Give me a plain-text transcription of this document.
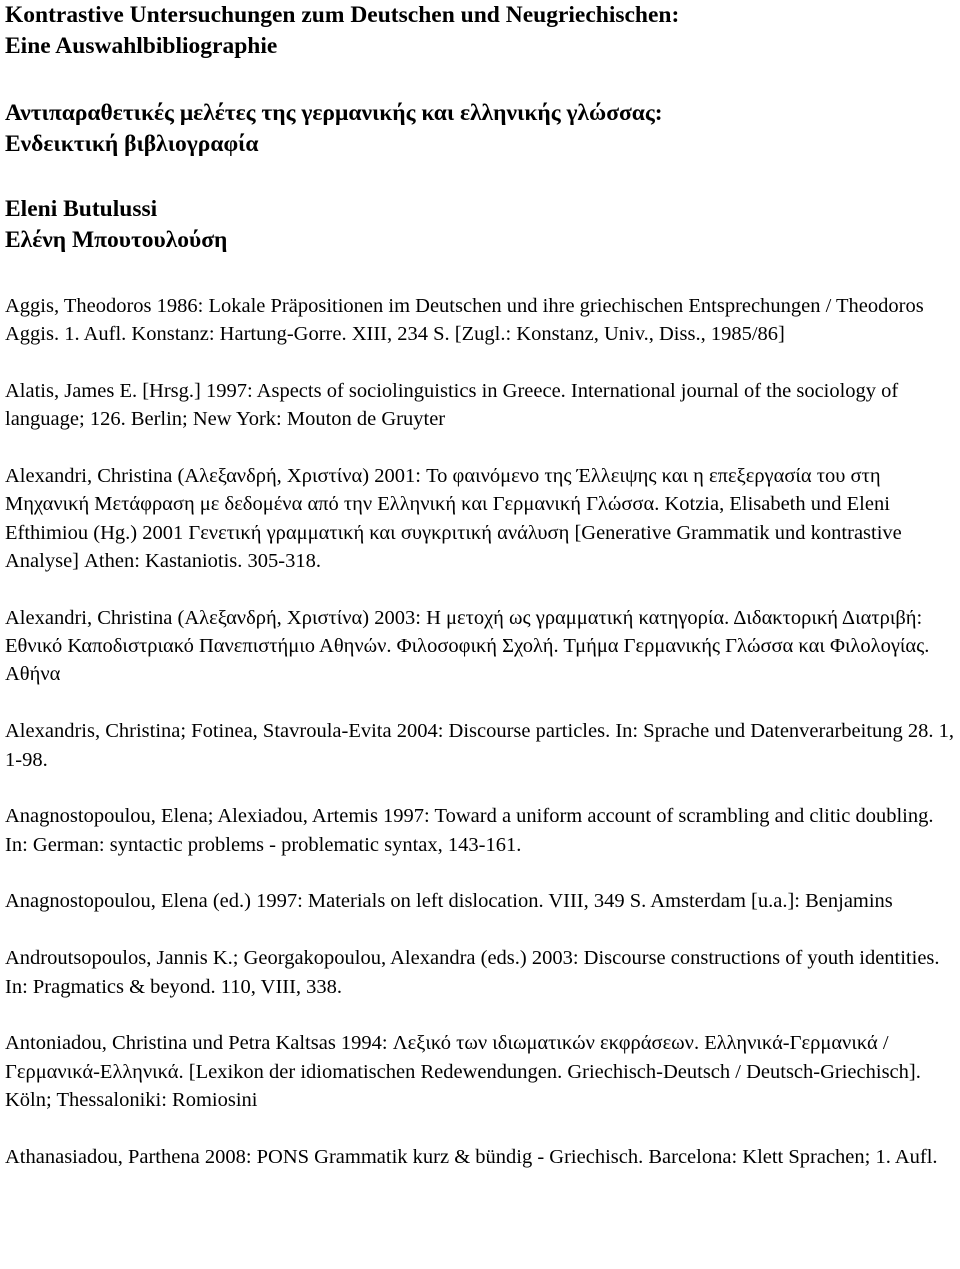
Kontrastive Untersuchungen zum Deutschen und Neugriechischen:

Eine Auswahlbibliographie

Αντιπαραθετικές μελέτες της γερμανικής και ελληνικής γλώσσας:

Ενδεικτική βιβλιογραφία

Eleni Butulussi

Ελένη Μπουτουλούση

Aggis, Theodoros 1986: Lokale Präpositionen im Deutschen und ihre griechischen Entsprechungen / Theodoros Aggis. 1. Aufl. Konstanz: Hartung-Gorre. XIII, 234 S. [Zugl.: Konstanz, Univ., Diss., 1985/86]

Alatis, James E. [Hrsg.] 1997: Aspects of sociolinguistics in Greece. International journal of the sociology of language; 126. Berlin; New York: Mouton de Gruyter

Alexandri, Christina (Αλεξανδρή, Χριστίνα) 2001: Το φαινόμενο της Έλλειψης και η επεξεργασία του στη Μηχανική Μετάφραση με δεδομένα από την Ελληνική και Γερμανική Γλώσσα. Kotzia, Elisabeth und Eleni Efthimiou (Hg.) 2001 Γενετική γραμματική και συγκριτική ανάλυση [Generative Grammatik und kontrastive Analyse] Athen: Kastaniotis. 305-318.

Alexandri, Christina (Αλεξανδρή, Χριστίνα) 2003: Η μετοχή ως γραμματική κατηγορία. Διδακτορική Διατριβή: Εθνικό Καποδιστριακό Πανεπιστήμιο Αθηνών. Φιλοσοφική Σχολή. Τμήμα Γερμανικής Γλώσσα και Φιλολογίας. Αθήνα

Alexandris, Christina; Fotinea, Stavroula-Evita 2004: Discourse particles. In: Sprache und Datenverarbeitung 28. 1, 1-98.

Anagnostopoulou, Elena; Alexiadou, Artemis 1997: Toward a uniform account of scrambling and clitic doubling. In: German: syntactic problems - problematic syntax, 143-161.

Anagnostopoulou, Elena (ed.) 1997: Materials on left dislocation. VIII, 349 S. Amsterdam [u.a.]: Benjamins

Androutsopoulos, Jannis K.; Georgakopoulou, Alexandra (eds.) 2003: Discourse constructions of youth identities. In: Pragmatics & beyond. 110, VIII, 338.

Antoniadou, Christina und Petra Kaltsas 1994: Λεξικό των ιδιωματικών εκφράσεων. Ελληνικά-Γερμανικά / Γερμανικά-Ελληνικά. [Lexikon der idiomatischen Redewendungen. Griechisch-Deutsch / Deutsch-Griechisch]. Köln; Thessaloniki: Romiosini

Athanasiadou, Parthena 2008: PONS Grammatik kurz & bündig - Griechisch. Barcelona: Klett Sprachen; 1. Aufl.
